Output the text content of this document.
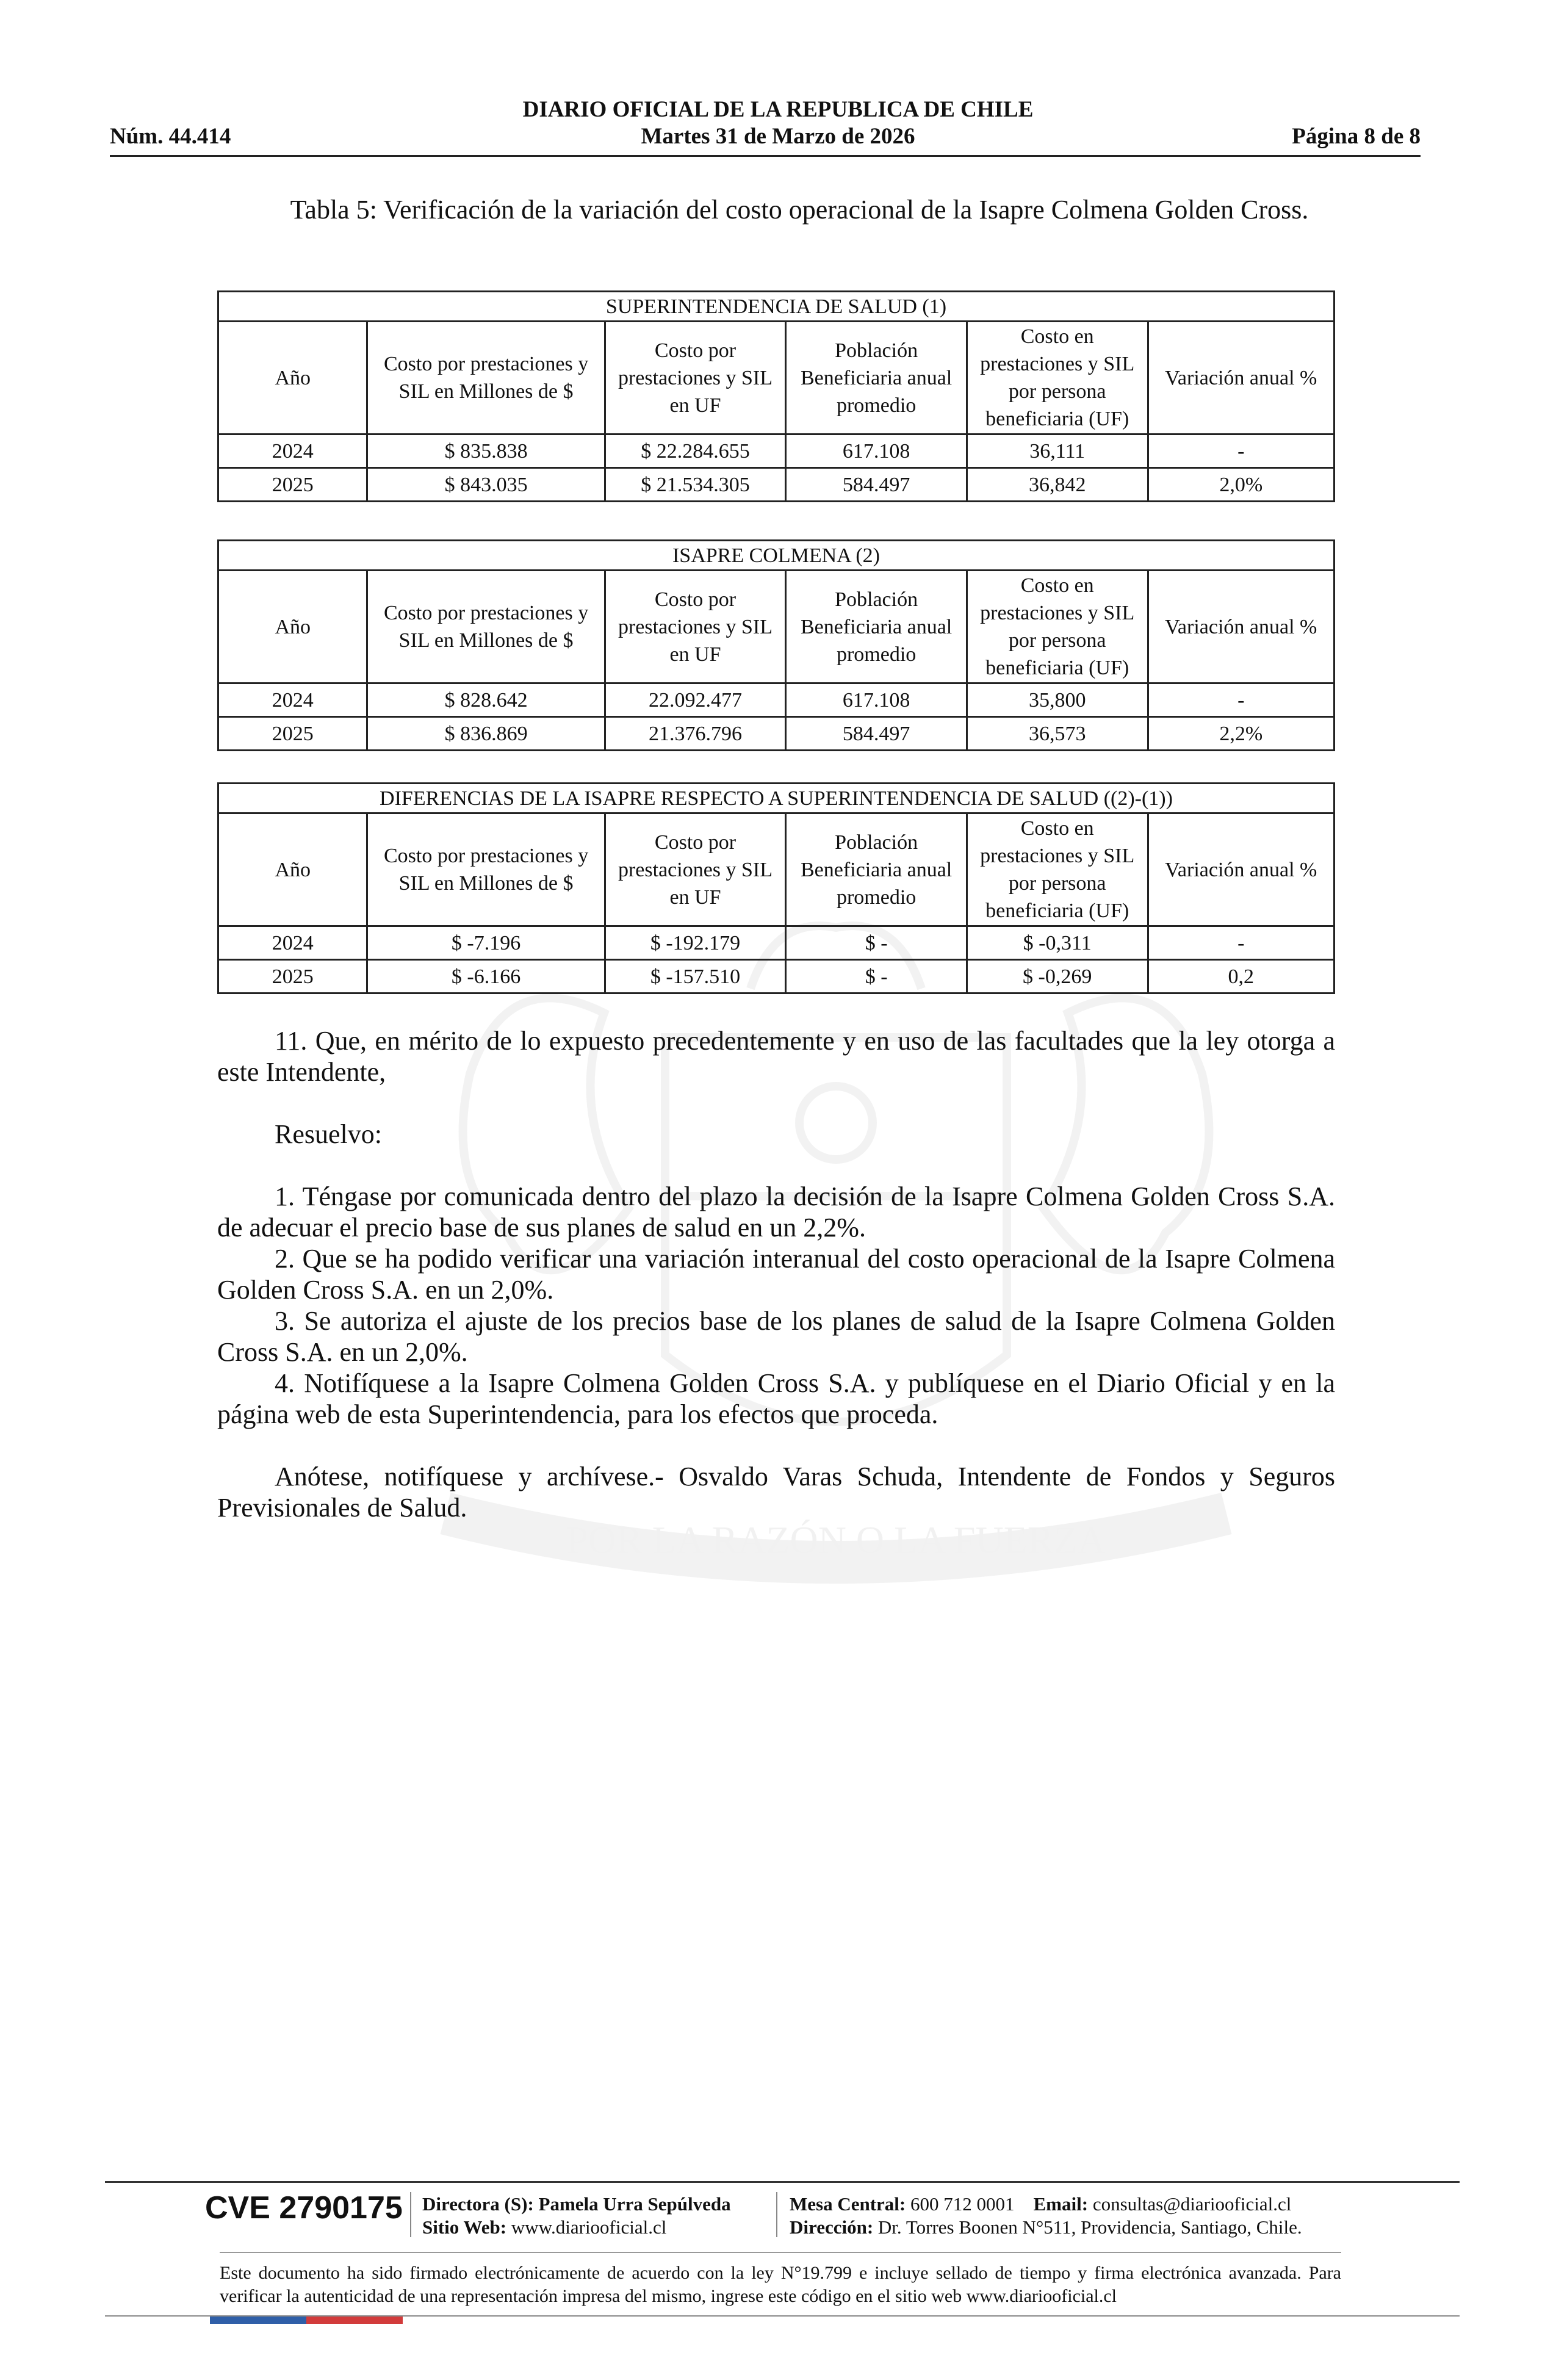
POR LA RAZÓN O LA FUERZA
DIARIO OFICIAL DE LA REPUBLICA DE CHILE
Núm. 44.414	Martes 31 de Marzo de 2026	Página 8 de 8
Tabla 5: Verificación de la variación del costo operacional de la Isapre Colmena Golden Cross.
SUPERINTENDENCIA DE SALUD (1)					
Año	Costo por prestaciones y SIL en Millones de $	Costo por prestaciones y SIL en UF	Población Beneficiaria anual promedio	Costo en prestaciones y SIL por persona beneficiaria (UF)	Variación anual %
2024	$ 835.838	$ 22.284.655	617.108	36,111	-
2025	$ 843.035	$ 21.534.305	584.497	36,842	2,0%
ISAPRE COLMENA (2)					
Año	Costo por prestaciones y SIL en Millones de $	Costo por prestaciones y SIL en UF	Población Beneficiaria anual promedio	Costo en prestaciones y SIL por persona beneficiaria (UF)	Variación anual %
2024	$ 828.642	22.092.477	617.108	35,800	-
2025	$ 836.869	21.376.796	584.497	36,573	2,2%
DIFERENCIAS DE LA ISAPRE RESPECTO A SUPERINTENDENCIA DE SALUD ((2)-(1))					
Año	Costo por prestaciones y SIL en Millones de $	Costo por prestaciones y SIL en UF	Población Beneficiaria anual promedio	Costo en prestaciones y SIL por persona beneficiaria (UF)	Variación anual %
2024	$ -7.196	$ -192.179	$ -	$ -0,311	-
2025	$ -6.166	$ -157.510	$ -	$ -0,269	0,2
11. Que, en mérito de lo expuesto precedentemente y en uso de las facultades que la ley otorga a este Intendente,
Resuelvo:
1. Téngase por comunicada dentro del plazo la decisión de la Isapre Colmena Golden Cross S.A. de adecuar el precio base de sus planes de salud en un 2,2%.
2. Que se ha podido verificar una variación interanual del costo operacional de la Isapre Colmena Golden Cross S.A. en un 2,0%.
3. Se autoriza el ajuste de los precios base de los planes de salud de la Isapre Colmena Golden Cross S.A. en un 2,0%.
4. Notifíquese a la Isapre Colmena Golden Cross S.A. y publíquese en el Diario Oficial y en la página web de esta Superintendencia, para los efectos que proceda.
Anótese, notifíquese y archívese.- Osvaldo Varas Schuda, Intendente de Fondos y Seguros Previsionales de Salud.
CVE 2790175 Directora (S): Pamela Urra Sepúlveda
Sitio Web: www.diariooficial.cl
Mesa Central: 600 712 0001 Email: consultas@diariooficial.cl
Dirección: Dr. Torres Boonen N°511, Providencia, Santiago, Chile.
Este documento ha sido firmado electrónicamente de acuerdo con la ley N°19.799 e incluye sellado de tiempo y firma electrónica avanzada. Para verificar la autenticidad de una representación impresa del mismo, ingrese este código en el sitio web www.diariooficial.cl
